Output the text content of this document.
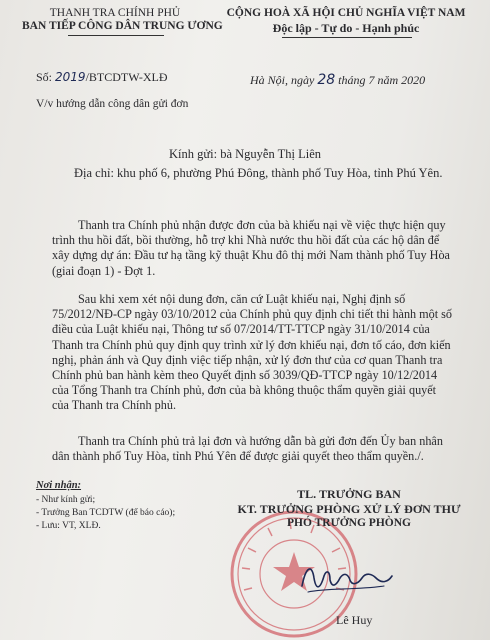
THANH TRA CHÍNH PHỦ
BAN TIẾP CÔNG DÂN TRUNG ƯƠNG
CỘNG HOÀ XÃ HỘI CHỦ NGHĨA VIỆT NAM
Độc lập - Tự do - Hạnh phúc
Số: 2019/BTCDTW-XLĐ	Hà Nội, ngày 28 tháng 7 năm 2020
V/v hướng dẫn công dân gửi đơn
Kính gửi: bà Nguyễn Thị Liên
Địa chỉ: khu phố 6, phường Phú Đông, thành phố Tuy Hòa, tỉnh Phú Yên.
Thanh tra Chính phủ nhận được đơn của bà khiếu nại về việc thực hiện quy trình thu hồi đất, bồi thường, hỗ trợ khi Nhà nước thu hồi đất của các hộ dân để xây dựng dự án: Đầu tư hạ tầng kỹ thuật Khu đô thị mới Nam thành phố Tuy Hòa (giai đoạn 1) - Đợt 1.
Sau khi xem xét nội dung đơn, căn cứ Luật khiếu nại, Nghị định số 75/2012/NĐ-CP ngày 03/10/2012 của Chính phủ quy định chi tiết thi hành một số điều của Luật khiếu nại, Thông tư số 07/2014/TT-TTCP ngày 31/10/2014 của Thanh tra Chính phủ quy định quy trình xử lý đơn khiếu nại, đơn tố cáo, đơn kiến nghị, phản ánh và Quy định việc tiếp nhận, xử lý đơn thư của cơ quan Thanh tra Chính phủ ban hành kèm theo Quyết định số 3039/QĐ-TTCP ngày 10/12/2014 của Tổng Thanh tra Chính phủ, đơn của bà không thuộc thẩm quyền giải quyết của Thanh tra Chính phủ.
Thanh tra Chính phủ trả lại đơn và hướng dẫn bà gửi đơn đến Ủy ban nhân dân thành phố Tuy Hòa, tỉnh Phú Yên để được giải quyết theo thẩm quyền./.
Nơi nhận:
- Như kính gửi;
- Trưởng Ban TCDTW (để báo cáo);
- Lưu: VT, XLĐ.
TL. TRƯỞNG BAN
KT. TRƯỞNG PHÒNG XỬ LÝ ĐƠN THƯ
PHÓ TRƯỞNG PHÒNG
Lê Huy
